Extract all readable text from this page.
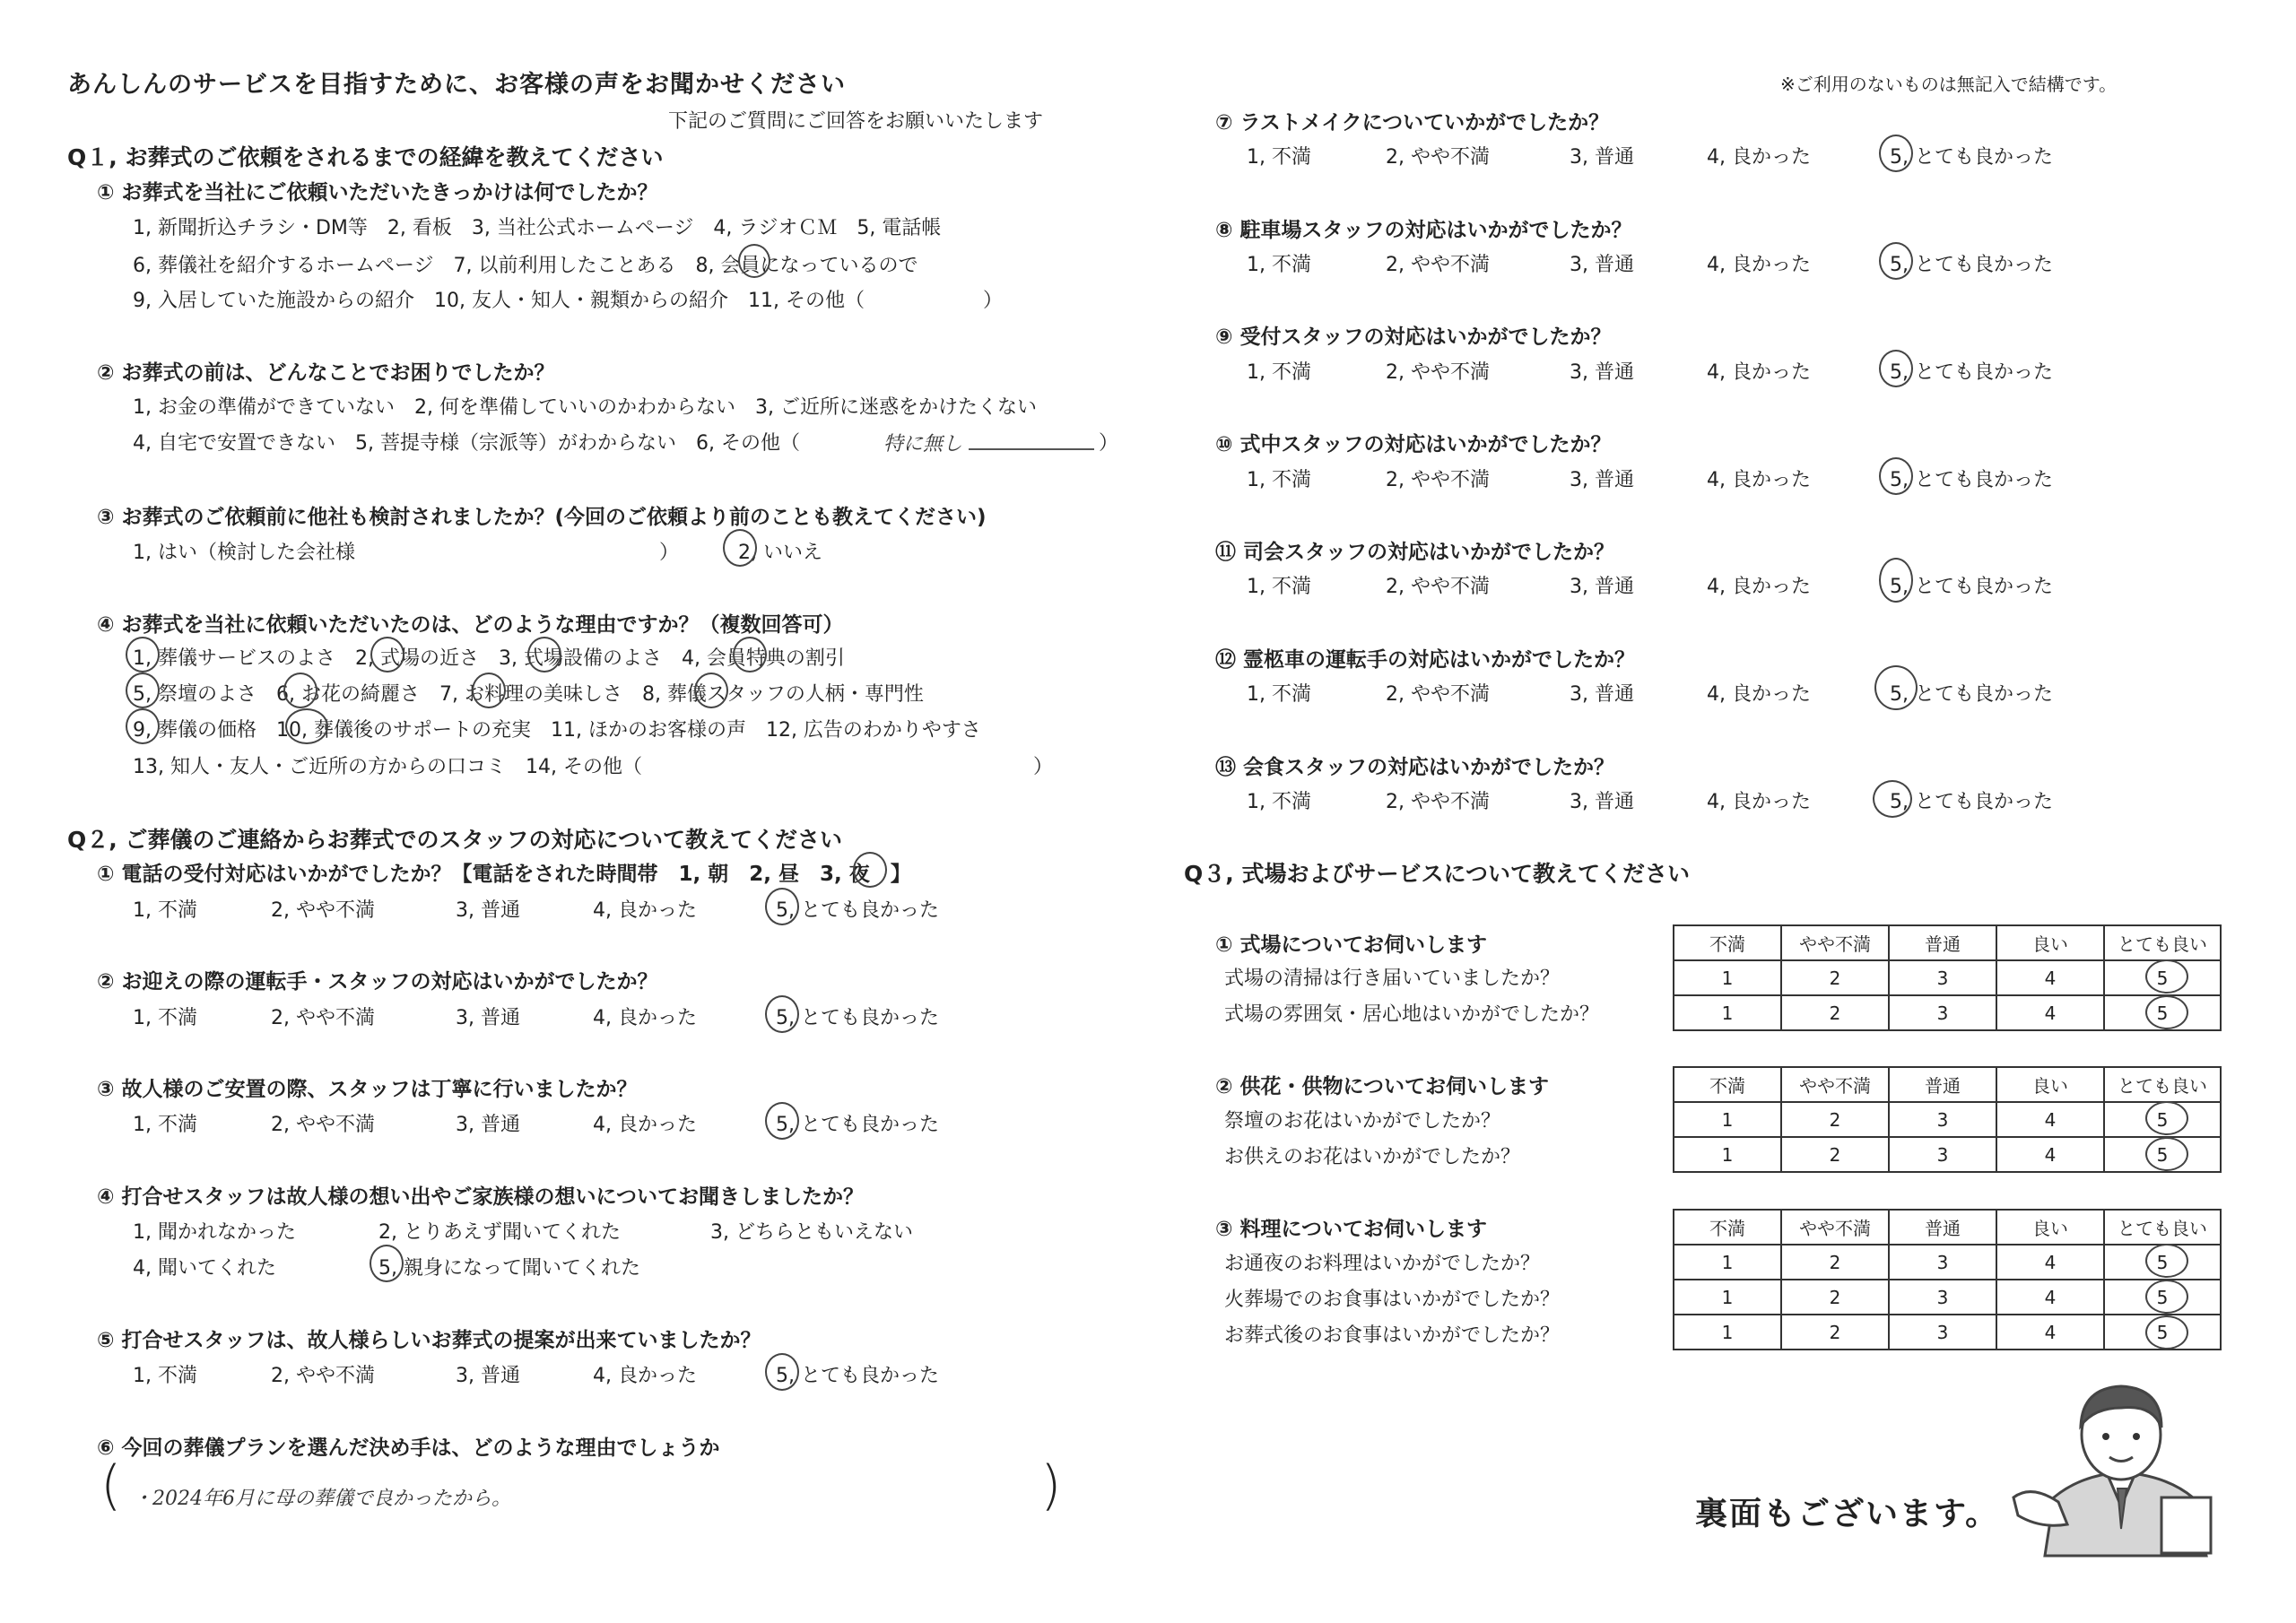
あんしんのサービスを目指すために、お客様の声をお聞かせください
下記のご質問にご回答をお願いいたします
※ご利用のないものは無記入で結構です。
Q１, お葬式のご依頼をされるまでの経緯を教えてください
① お葬式を当社にご依頼いただいたきっかけは何でしたか？
1, 新聞折込チラシ・DM等　2, 看板　3, 当社公式ホームページ　4, ラジオＣＭ　5, 電話帳
6, 葬儀社を紹介するホームページ　7, 以前利用したことある　8, 会員になっているので
9, 入居していた施設からの紹介　10, 友人・知人・親類からの紹介　11, その他（　　　　　　）
② お葬式の前は、どんなことでお困りでしたか？
1, お金の準備ができていない　2, 何を準備していいのかわからない　3, ご近所に迷惑をかけたくない
4, 自宅で安置できない　5, 菩提寺様（宗派等）がわからない　6, その他（	特に無し	）
③ お葬式のご依頼前に他社も検討されましたか？(今回のご依頼より前のことも教えてください)
1, はい（検討した会社様	）	2, いいえ
④ お葬式を当社に依頼いただいたのは、どのような理由ですか？（複数回答可）
1, 葬儀サービスのよさ　2, 式場の近さ　3, 式場設備のよさ　4, 会員特典の割引
5, 祭壇のよさ　6, お花の綺麗さ　7, お料理の美味しさ　8, 葬儀スタッフの人柄・専門性
9, 葬儀の価格　10, 葬儀後のサポートの充実　11, ほかのお客様の声　12, 広告のわかりやすさ
13, 知人・友人・ご近所の方からの口コミ　14, その他（	）
Q２, ご葬儀のご連絡からお葬式でのスタッフの対応について教えてください
① 電話の受付対応はいかがでしたか？【電話をされた時間帯　1, 朝　2, 昼　3, 夜　】
1, 不満	2, やや不満	3, 普通	4, 良かった	5, とても良かった
② お迎えの際の運転手・スタッフの対応はいかがでしたか？
1, 不満	2, やや不満	3, 普通	4, 良かった	5, とても良かった
③ 故人様のご安置の際、スタッフは丁寧に行いましたか？
1, 不満	2, やや不満	3, 普通	4, 良かった	5, とても良かった
④ 打合せスタッフは故人様の想い出やご家族様の想いについてお聞きしましたか？
1, 聞かれなかった	2, とりあえず聞いてくれた	3, どちらともいえない
4, 聞いてくれた	5, 親身になって聞いてくれた
⑤ 打合せスタッフは、故人様らしいお葬式の提案が出来ていましたか？
1, 不満	2, やや不満	3, 普通	4, 良かった	5, とても良かった
⑥ 今回の葬儀プランを選んだ決め手は、どのような理由でしょうか
( ・2024年6月に母の葬儀で良かったから。	)
⑦ ラストメイクについていかがでしたか？
1, 不満	2, やや不満	3, 普通	4, 良かった	5, とても良かった
⑧ 駐車場スタッフの対応はいかがでしたか？
1, 不満	2, やや不満	3, 普通	4, 良かった	5, とても良かった
⑨ 受付スタッフの対応はいかがでしたか？
1, 不満	2, やや不満	3, 普通	4, 良かった	5, とても良かった
⑩ 式中スタッフの対応はいかがでしたか？
1, 不満	2, やや不満	3, 普通	4, 良かった	5, とても良かった
⑪ 司会スタッフの対応はいかがでしたか？
1, 不満	2, やや不満	3, 普通	4, 良かった	5, とても良かった
⑫ 霊柩車の運転手の対応はいかがでしたか？
1, 不満	2, やや不満	3, 普通	4, 良かった	5, とても良かった
⑬ 会食スタッフの対応はいかがでしたか？
1, 不満	2, やや不満	3, 普通	4, 良かった	5, とても良かった
Q３, 式場およびサービスについて教えてください
① 式場についてお伺いします
式場の清掃は行き届いていましたか？
式場の雰囲気・居心地はいかがでしたか？
不満	やや不満	普通	良い	とても良い
1	2	3	4	5
1	2	3	4	5
② 供花・供物についてお伺いします
祭壇のお花はいかがでしたか？
お供えのお花はいかがでしたか？
不満	やや不満	普通	良い	とても良い
1	2	3	4	5
1	2	3	4	5
③ 料理についてお伺いします
お通夜のお料理はいかがでしたか？
火葬場でのお食事はいかがでしたか？
お葬式後のお食事はいかがでしたか？
不満	やや不満	普通	良い	とても良い
1	2	3	4	5
1	2	3	4	5
1	2	3	4	5
裏面もございます。
